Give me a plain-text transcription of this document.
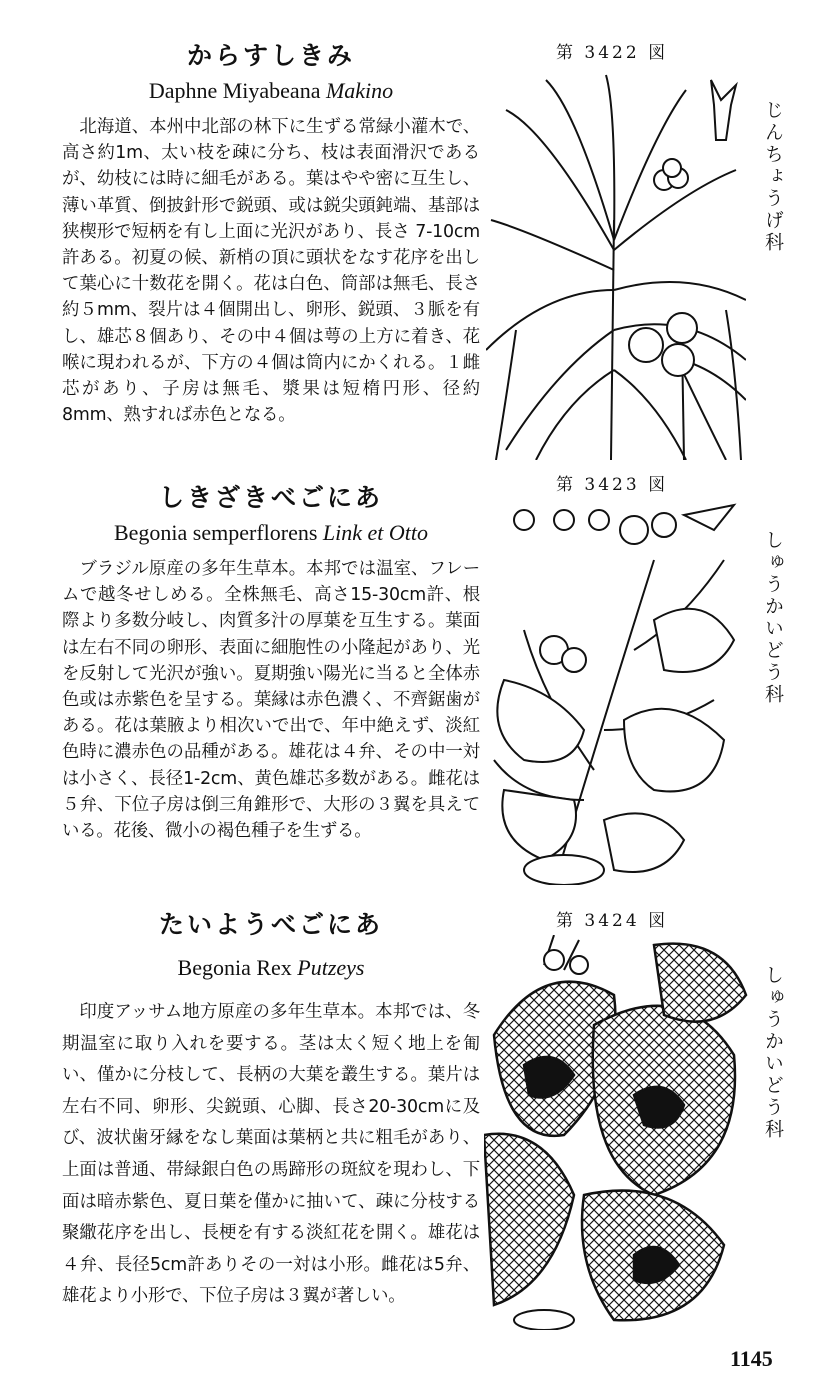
からすしきみ
Daphne Miyabeana Makino

北海道、本州中北部の林下に生ずる常緑小灌木で、高さ約1m、太い枝を疎に分ち、枝は表面滑沢であるが、幼枝には時に細毛がある。葉はやや密に互生し、薄い革質、倒披針形で鋭頭、或は鋭尖頭鈍端、基部は狭楔形で短柄を有し上面に光沢があり、長さ 7-10cm 許ある。初夏の候、新梢の頂に頭状をなす花序を出して葉心に十数花を開く。花は白色、筒部は無毛、長さ約５mm、裂片は４個開出し、卵形、鋭頭、３脈を有し、雄芯８個あり、その中４個は萼の上方に着き、花喉に現われるが、下方の４個は筒内にかくれる。１雌芯があり、子房は無毛、漿果は短楕円形、径約8mm、熟すれば赤色となる。

第 3422 図
じんちょうげ科
しきざきべごにあ
Begonia semperflorens Link et Otto

ブラジル原産の多年生草本。本邦では温室、フレームで越冬せしめる。全株無毛、高さ15-30cm許、根際より多数分岐し、肉質多汁の厚葉を互生する。葉面は左右不同の卵形、表面に細胞性の小隆起があり、光を反射して光沢が強い。夏期強い陽光に当ると全体赤色或は赤紫色を呈する。葉縁は赤色濃く、不齊鋸歯がある。花は葉腋より相次いで出で、年中絶えず、淡紅色時に濃赤色の品種がある。雄花は４弁、その中一対は小さく、長径1-2cm、黄色雄芯多数がある。雌花は５弁、下位子房は倒三角錐形で、大形の３翼を具えている。花後、微小の褐色種子を生ずる。

第 3423 図
しゅうかいどう科
たいようべごにあ
Begonia Rex Putzeys

印度アッサム地方原産の多年生草本。本邦では、冬期温室に取り入れを要する。茎は太く短く地上を匍い、僅かに分枝して、長柄の大葉を叢生する。葉片は左右不同、卵形、尖鋭頭、心脚、長さ20-30cmに及び、波状歯牙縁をなし葉面は葉柄と共に粗毛があり、上面は普通、帯緑銀白色の馬蹄形の斑紋を現わし、下面は暗赤紫色、夏日葉を僅かに抽いて、疎に分枝する聚繖花序を出し、長梗を有する淡紅花を開く。雄花は４弁、長径5cm許ありその一対は小形。雌花は5弁、雄花より小形で、下位子房は３翼が著しい。

第 3424 図
しゅうかいどう科
1145
